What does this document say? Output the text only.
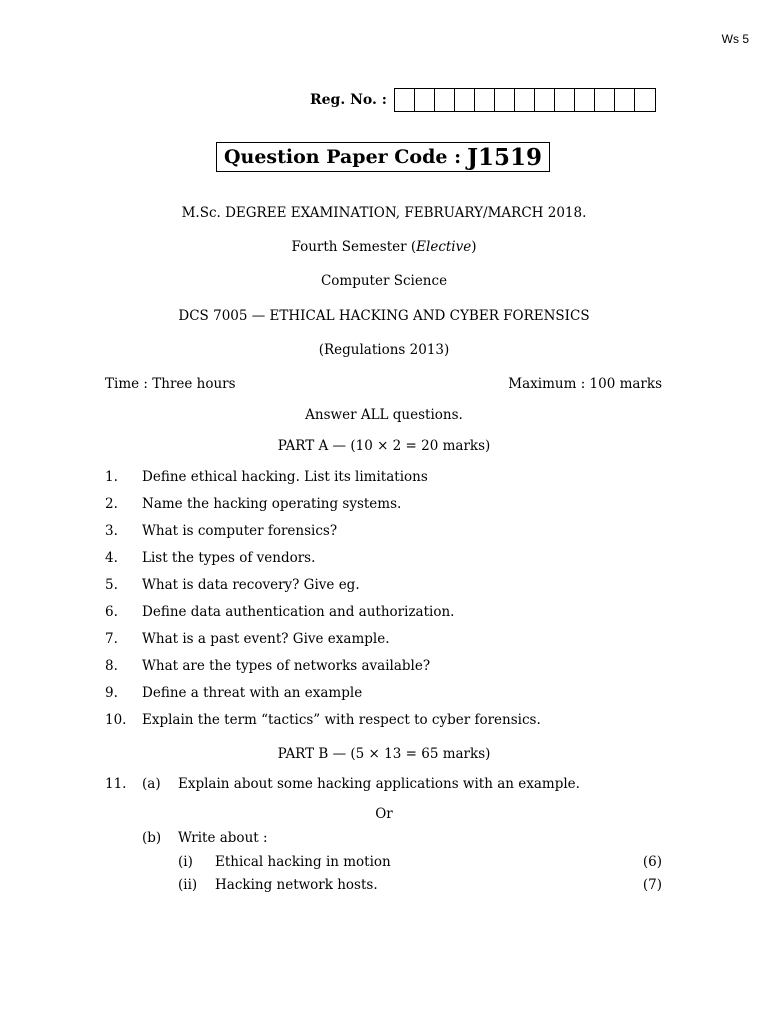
Ws 5
Reg. No. :
Question Paper Code : J1519
M.Sc. DEGREE EXAMINATION, FEBRUARY/MARCH 2018.
Fourth Semester (Elective)
Computer Science
DCS 7005 — ETHICAL HACKING AND CYBER FORENSICS
(Regulations 2013)
Time : Three hours	Maximum : 100 marks
Answer ALL questions.
PART A — (10 × 2 = 20 marks)
1.	Define ethical hacking. List its limitations
2.	Name the hacking operating systems.
3.	What is computer forensics?
4.	List the types of vendors.
5.	What is data recovery? Give eg.
6.	Define data authentication and authorization.
7.	What is a past event? Give example.
8.	What are the types of networks available?
9.	Define a threat with an example
10.	Explain the term “tactics” with respect to cyber forensics.
PART B — (5 × 13 = 65 marks)
11.	(a)	Explain about some hacking applications with an example.
Or
(b)	Write about :
(i)	Ethical hacking in motion	(6)
(ii)	Hacking network hosts.	(7)
